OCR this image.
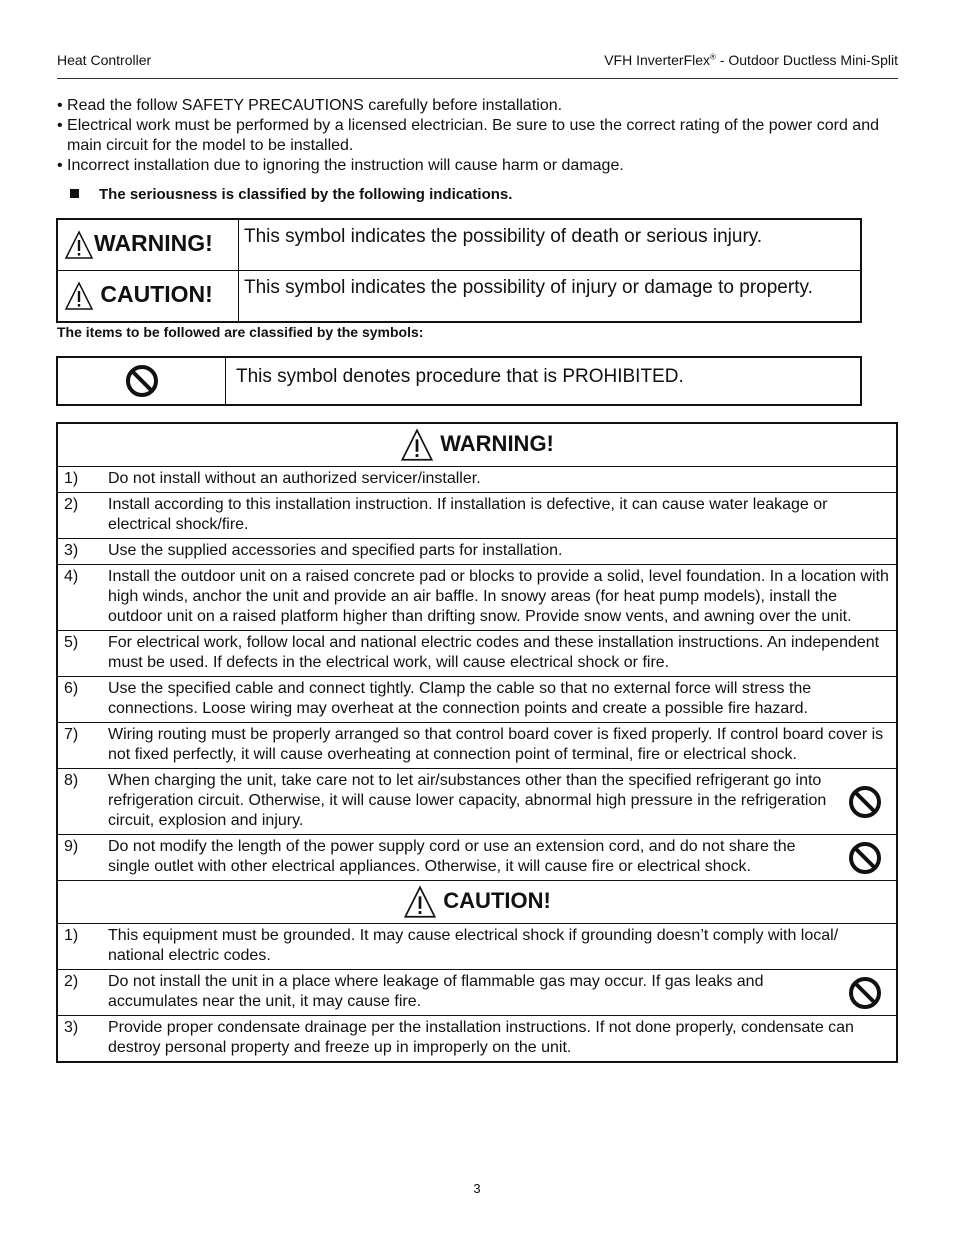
Heat Controller	VFH InverterFlex® - Outdoor Ductless Mini-Split
• Read the follow SAFETY PRECAUTIONS carefully before installation.
• Electrical work must be performed by a licensed electrician. Be sure to use the correct rating of the power cord and main circuit for the model to be installed.
• Incorrect installation due to ignoring the instruction will cause harm or damage.
The seriousness is classified by the following indications.
WARNING!	This symbol indicates the possibility of death or serious injury.
CAUTION!	This symbol indicates the possibility of injury or damage to property.
The items to be followed are classified by the symbols:
	This symbol denotes procedure that is PROHIBITED.
WARNING!	
1)	Do not install without an authorized servicer/installer.
2)	Install according to this installation instruction. If installation is defective, it can cause water leakage or electrical shock/fire.
3)	Use the supplied accessories and specified parts for installation.
4)	Install the outdoor unit on a raised concrete pad or blocks to provide a solid, level foundation. In a location with high winds, anchor the unit and provide an air baffle. In snowy areas (for heat pump models), install the outdoor unit on a raised platform higher than drifting snow. Provide snow vents, and awning over the unit.
5)	For electrical work, follow local and national electric codes and these installation instructions. An independent must be used. If defects in the electrical work, will cause electrical shock or fire.
6)	Use the specified cable and connect tightly. Clamp the cable so that no external force will stress the connections. Loose wiring may overheat at the connection points and create a possible fire hazard.
7)	Wiring routing must be properly arranged so that control board cover is fixed properly. If control board cover is not fixed perfectly, it will cause overheating at connection point of terminal, fire or electrical shock.
8)	When charging the unit, take care not to let air/substances other than the specified refrigerant go into refrigeration circuit. Otherwise, it will cause lower capacity, abnormal high pressure in the refrigeration circuit, explosion and injury.

9)	Do not modify the length of the power supply cord or use an extension cord, and do not share the single outlet with other electrical appliances. Otherwise, it will cause fire or electrical shock.

CAUTION!	
1)	This equipment must be grounded. It may cause electrical shock if grounding doesn’t comply with local/ national electric codes.
2)	Do not install the unit in a place where leakage of flammable gas may occur. If gas leaks and accumulates near the unit, it may cause fire.

3)	Provide proper condensate drainage per the installation instructions. If not done properly, condensate can destroy personal property and freeze up in improperly on the unit.
3
